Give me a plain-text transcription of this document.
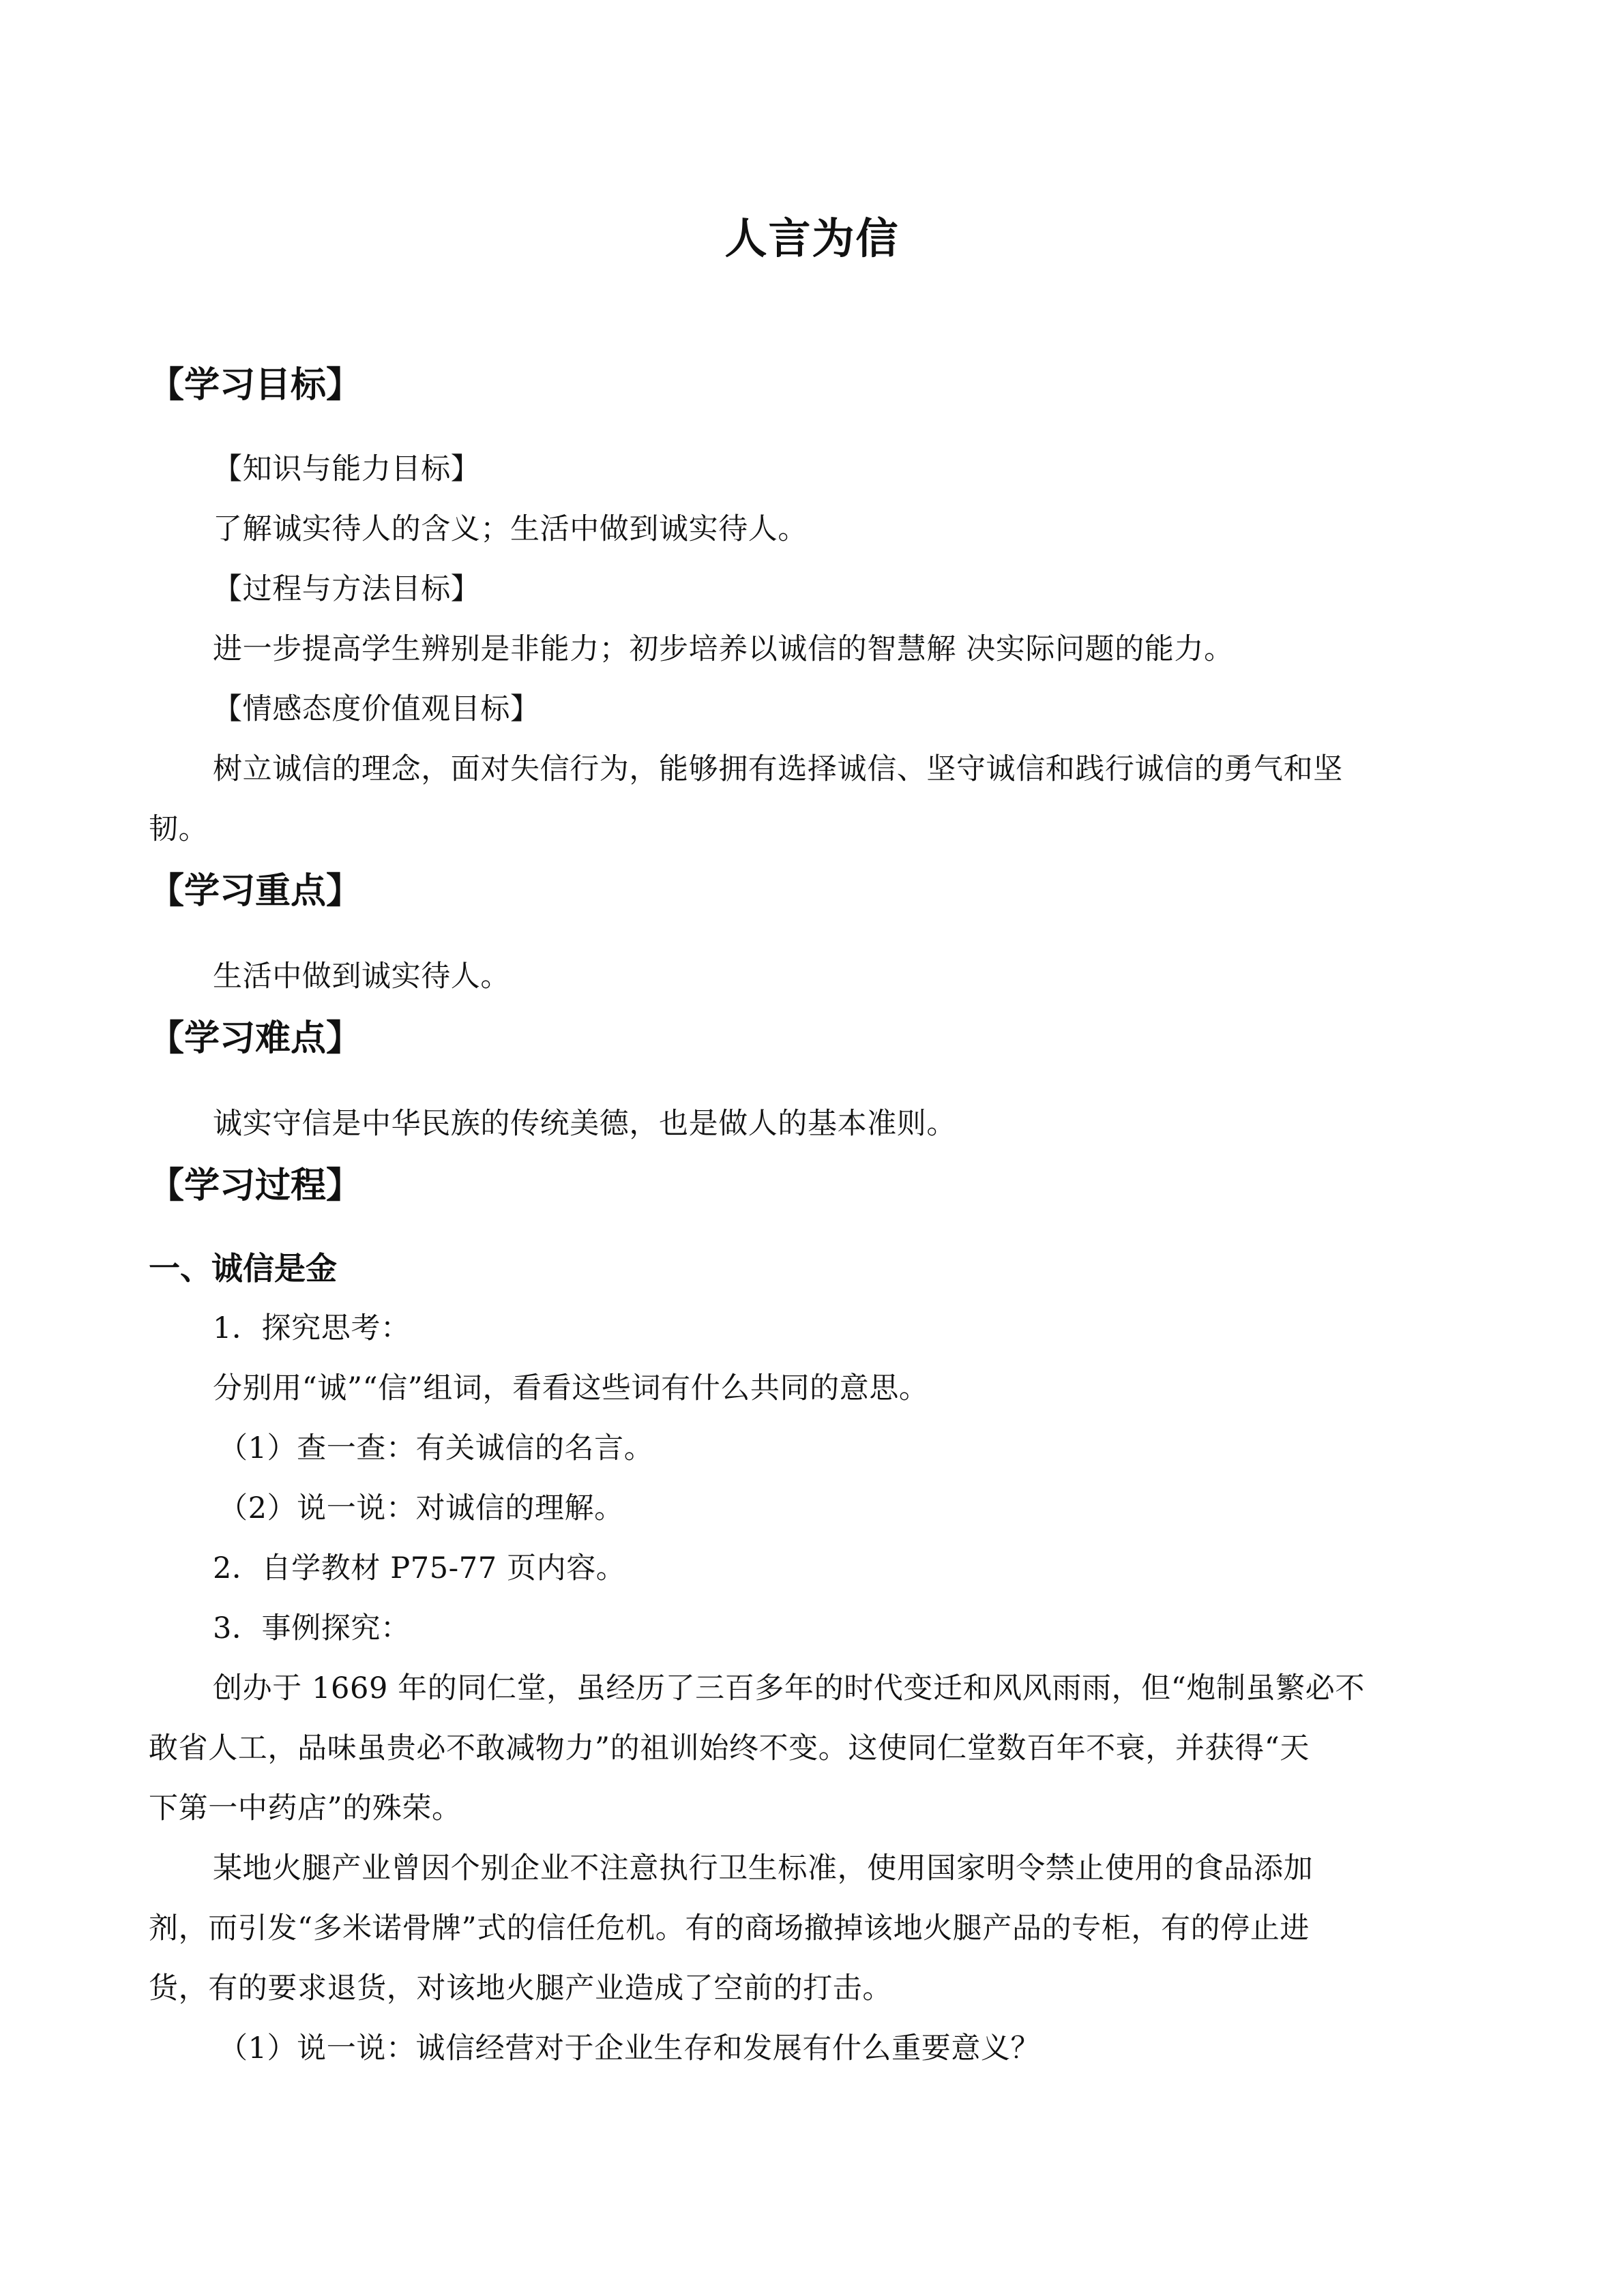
人言为信
【学习目标】
【知识与能力目标】
了解诚实待人的含义；生活中做到诚实待人。
【过程与方法目标】
进一步提高学生辨别是非能力；初步培养以诚信的智慧解 决实际问题的能力。
【情感态度价值观目标】
树立诚信的理念，面对失信行为，能够拥有选择诚信、坚守诚信和践行诚信的勇气和坚
韧。
【学习重点】
生活中做到诚实待人。
【学习难点】
诚实守信是中华民族的传统美德，也是做人的基本准则。
【学习过程】
一、诚信是金
1．探究思考：
分别用“诚”“信”组词，看看这些词有什么共同的意思。
（1）查一查：有关诚信的名言。
（2）说一说：对诚信的理解。
2．自学教材 P75-77 页内容。
3．事例探究：
创办于 1669 年的同仁堂，虽经历了三百多年的时代变迁和风风雨雨，但“炮制虽繁必不
敢省人工，品味虽贵必不敢减物力”的祖训始终不变。这使同仁堂数百年不衰，并获得“天
下第一中药店”的殊荣。
某地火腿产业曾因个别企业不注意执行卫生标准，使用国家明令禁止使用的食品添加
剂，而引发“多米诺骨牌”式的信任危机。有的商场撤掉该地火腿产品的专柜，有的停止进
货，有的要求退货，对该地火腿产业造成了空前的打击。
（1）说一说：诚信经营对于企业生存和发展有什么重要意义？
